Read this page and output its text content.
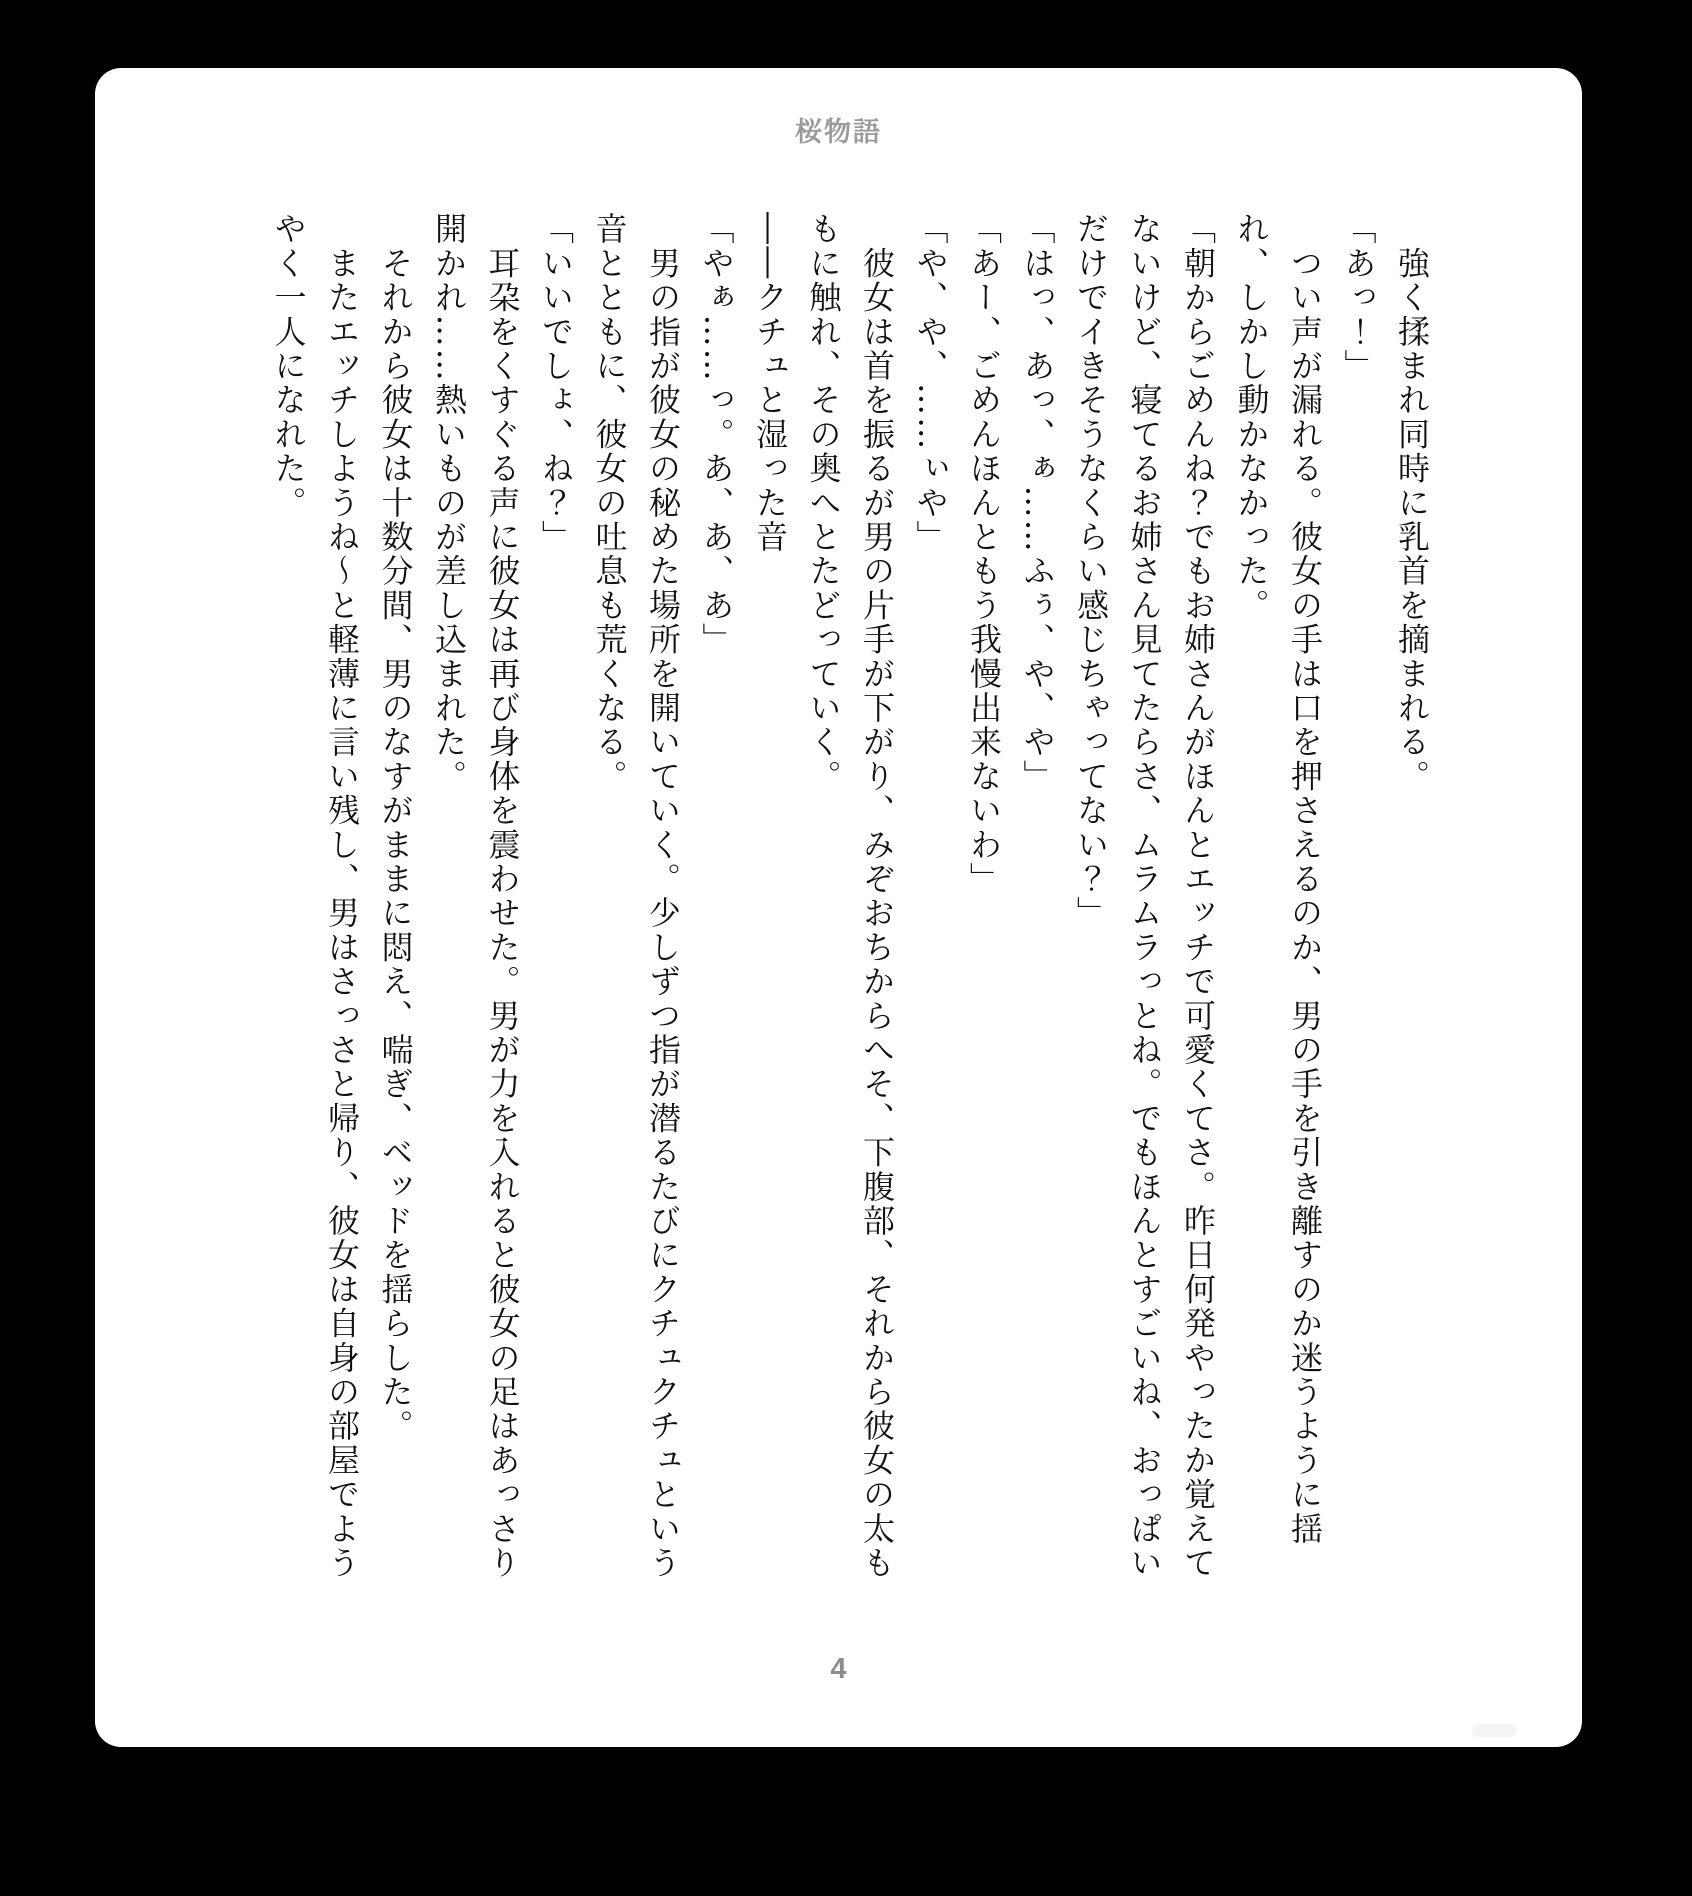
桜物語

　強く揉まれ同時に乳首を摘まれる。

「あっ！」

　つい声が漏れる。彼女の手は口を押さえるのか、男の手を引き離すのか迷うように揺

れ、しかし動かなかった。

「朝からごめんね？でもお姉さんがほんとエッチで可愛くてさ。昨日何発やったか覚えて

ないけど、寝てるお姉さん見てたらさ、ムラムラっとね。でもほんとすごいね、おっぱい

だけでイきそうなくらい感じちゃってない？」

「はっ、あっ、ぁ……ふぅ、や、や」

「あー、ごめんほんともう我慢出来ないわ」

「や、や、……ぃや」

　彼女は首を振るが男の片手が下がり、みぞおちからへそ、下腹部、それから彼女の太も

もに触れ、その奥へとたどっていく。

――クチュと湿った音

「やぁ……っ。あ、あ、あ」

　男の指が彼女の秘めた場所を開いていく。少しずつ指が潜るたびにクチュクチュという

音とともに、彼女の吐息も荒くなる。

「いいでしょ、ね？」

　耳朶をくすぐる声に彼女は再び身体を震わせた。男が力を入れると彼女の足はあっさり

開かれ……熱いものが差し込まれた。

　それから彼女は十数分間、男のなすがままに悶え、喘ぎ、ベッドを揺らした。

　またエッチしようね〜と軽薄に言い残し、男はさっさと帰り、彼女は自身の部屋でよう

やく一人になれた。

4
